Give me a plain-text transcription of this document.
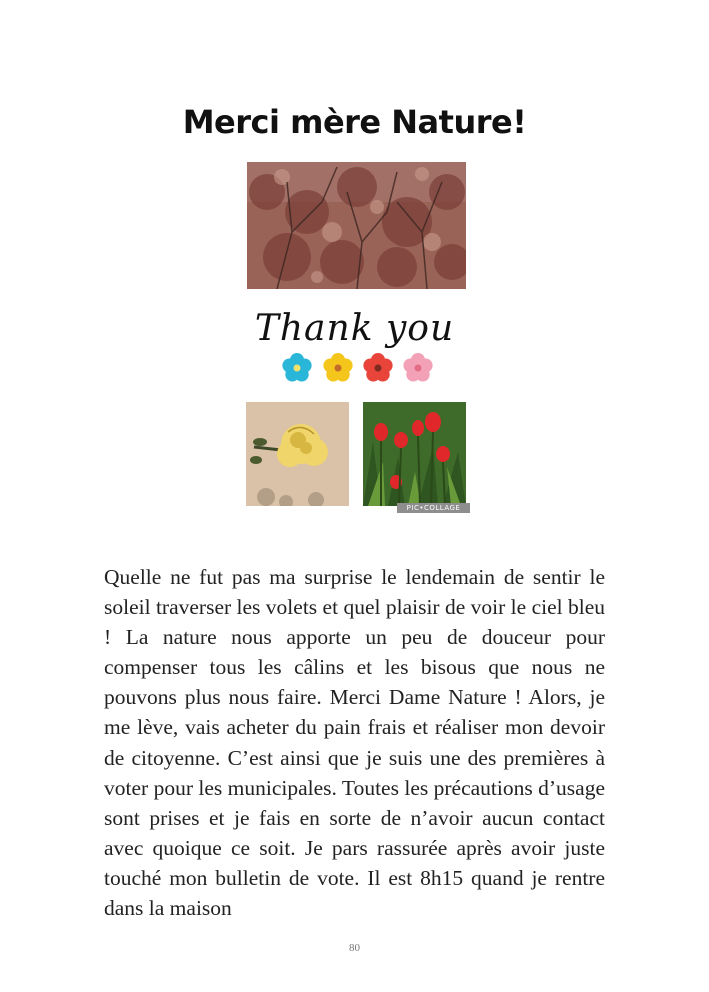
Merci mère Nature!
Thank you
PIC•COLLAGE

Quelle ne fut pas ma surprise le lendemain de sentir le soleil traverser les volets et quel plaisir de voir le ciel bleu ! La nature nous apporte un peu de douceur pour compenser tous les câlins et les bisous que nous ne pouvons plus nous faire. Merci Dame Nature ! Alors, je me lève, vais acheter du pain frais et réaliser mon devoir de citoyenne. C’est ainsi que je suis une des premières à voter pour les municipales. Toutes les précautions d’usage sont prises et je fais en sorte de n’avoir aucun contact avec quoique ce soit. Je pars rassurée après avoir juste touché mon bulletin de vote. Il est 8h15 quand je rentre dans la maison

80
